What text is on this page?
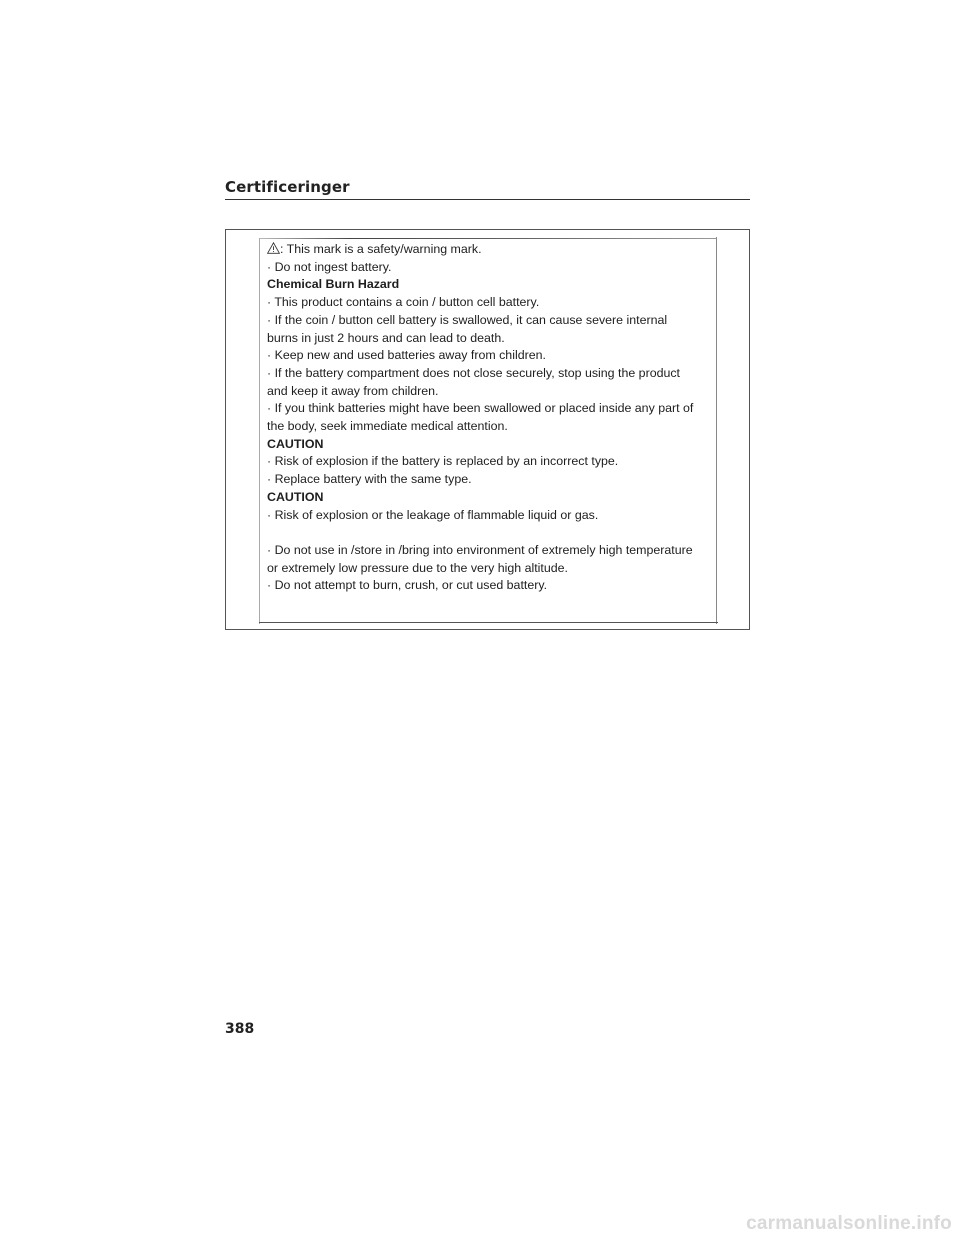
Certificeringer
: This mark is a safety/warning mark.
· Do not ingest battery.
Chemical Burn Hazard
· This product contains a coin / button cell battery.
· If the coin / button cell battery is swallowed, it can cause severe internal
burns in just 2 hours and can lead to death.
· Keep new and used batteries away from children.
· If the battery compartment does not close securely, stop using the product
and keep it away from children.
· If you think batteries might have been swallowed or placed inside any part of
the body, seek immediate medical attention.
CAUTION
· Risk of explosion if the battery is replaced by an incorrect type.
· Replace battery with the same type.
CAUTION
· Risk of explosion or the leakage of flammable liquid or gas.
· Do not use in /store in /bring into environment of extremely high temperature
or extremely low pressure due to the very high altitude.
· Do not attempt to burn, crush, or cut used battery.
388
carmanualsonline.info
